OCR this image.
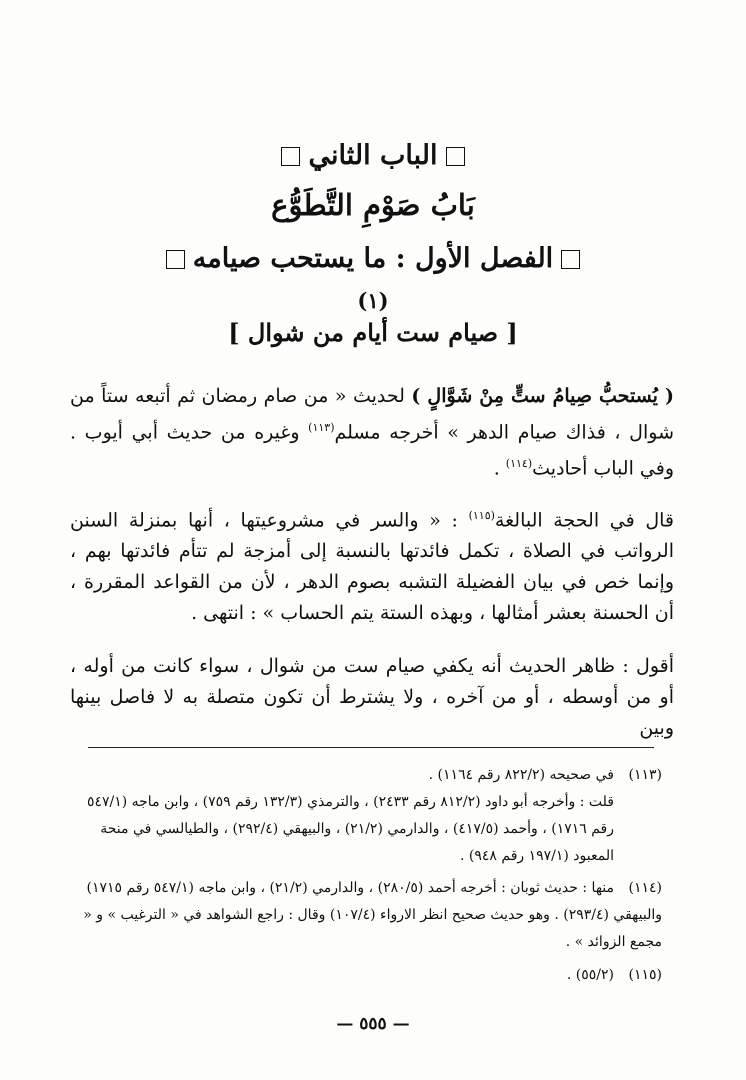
الباب الثاني
بَابُ صَوْمِ التَّطَوُّع
الفصل الأول : ما يستحب صيامه
(١)
[ صيام ست أيام من شوال ]
( يُستحبُّ صِيامُ ستٍّ مِنْ شَوَّالٍ ) لحديث « من صام رمضان ثم أتبعه ستاً من شوال ، فذاك صيام الدهر » أخرجه مسلم$^{(١١٣)}$ وغيره من حديث أبي أيوب . وفي الباب أحاديث$^{(١١٤)}$ .
قال في الحجة البالغة$^{(١١٥)}$ : « والسر في مشروعيتها ، أنها بمنزلة السنن الرواتب في الصلاة ، تكمل فائدتها بالنسبة إلى أمزجة لم تتأم فائدتها بهم ، وإنما خص في بيان الفضيلة التشبه بصوم الدهر ، لأن من القواعد المقررة ، أن الحسنة بعشر أمثالها ، وبهذه الستة يتم الحساب » : انتهى .
أقول : ظاهر الحديث أنه يكفي صيام ست من شوال ، سواء كانت من أوله ، أو من أوسطه ، أو من آخره ، ولا يشترط أن تكون متصلة به لا فاصل بينها وبين
(١١٣)في صحيحه (٨٢٢/٢ رقم ١١٦٤) .
قلت : وأخرجه أبو داود (٨١٢/٢ رقم ٢٤٣٣) ، والترمذي (١٣٢/٣ رقم ٧٥٩) ، وابن ماجه (٥٤٧/١ رقم ١٧١٦) ، وأحمد (٤١٧/٥) ، والدارمي (٢١/٢) ، والبيهقي (٢٩٢/٤) ، والطيالسي في منحة المعبود (١٩٧/١ رقم ٩٤٨) .
(١١٤)منها : حديث ثوبان : أخرجه أحمد (٢٨٠/٥) ، والدارمي (٢١/٢) ، وابن ماجه (٥٤٧/١ رقم ١٧١٥) والبيهقي (٢٩٣/٤) . وهو حديث صحيح انظر الارواء (١٠٧/٤) وقال : راجع الشواهد في « الترغيب » و « مجمع الزوائد » .
(١١٥)(٥٥/٢) .
— ٥٥٥ —
